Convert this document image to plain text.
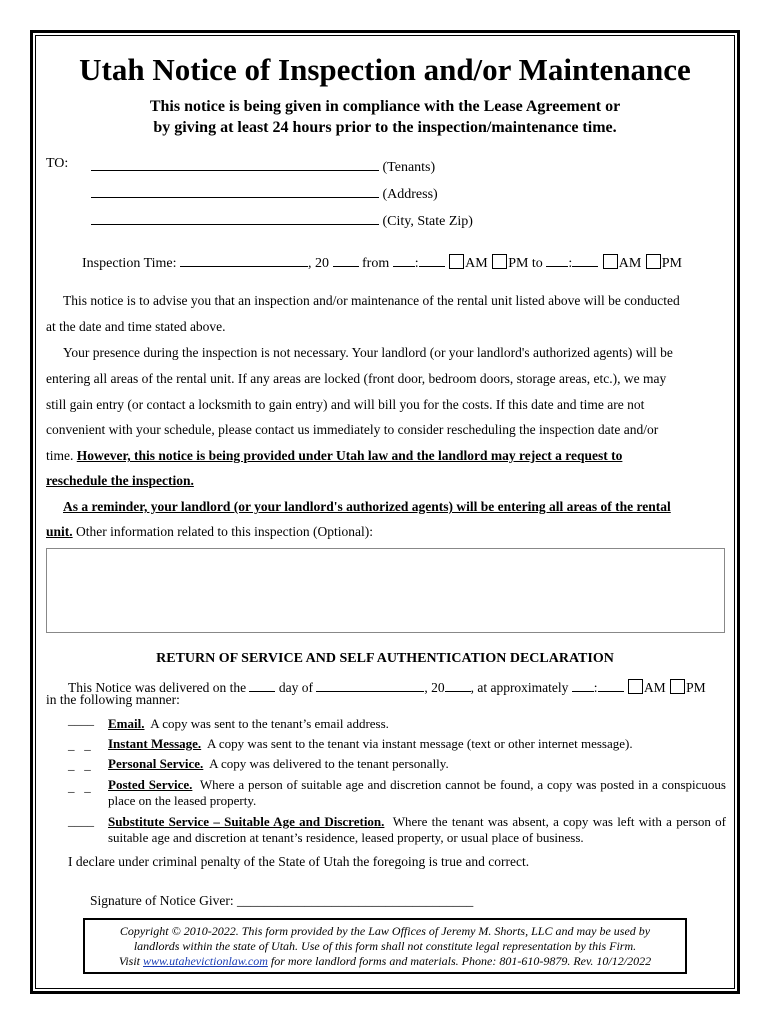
Utah Notice of Inspection and/or Maintenance
This notice is being given in compliance with the Lease Agreement or
by giving at least 24 hours prior to the inspection/maintenance time.
TO:	(Tenants)
(Address)
(City, State Zip)
Inspection Time:	, 20 from :	AM PM to :	AM PM
This notice is to advise you that an inspection and/or maintenance of the rental unit listed above will be conducted
at the date and time stated above.
Your presence during the inspection is not necessary. Your landlord (or your landlord's authorized agents) will be
entering all areas of the rental unit. If any areas are locked (front door, bedroom doors, storage areas, etc.), we may
still gain entry (or contact a locksmith to gain entry) and will bill you for the costs. If this date and time are not
convenient with your schedule, please contact us immediately to consider rescheduling the inspection date and/or
time. However, this notice is being provided under Utah law and the landlord may reject a request to
reschedule the inspection.
As a reminder, your landlord (or your landlord's authorized agents) will be entering all areas of the rental
unit. Other information related to this inspection (Optional):
RETURN OF SERVICE AND SELF AUTHENTICATION DECLARATION
This Notice was delivered on the day of	, 20 , at approximately :	AM PM
in the following manner:
____ Email. A copy was sent to the tenant’s email address.
_   _ Instant Message. A copy was sent to the tenant via instant message (text or other internet message).
_   _ Personal Service. A copy was delivered to the tenant personally.
_   _ Posted Service. Where a person of suitable age and discretion cannot be found, a copy was posted in a conspicuous place on the leased property.
____ Substitute Service – Suitable Age and Discretion. Where the tenant was absent, a copy was left with a person of suitable age and discretion at tenant’s residence, leased property, or usual place of business.
I declare under criminal penalty of the State of Utah the foregoing is true and correct.
Signature of Notice Giver: ___________________________________
Copyright © 2010-2022. This form provided by the Law Offices of Jeremy M. Shorts, LLC and may be used by
landlords within the state of Utah. Use of this form shall not constitute legal representation by this Firm.
Visit www.utahevictionlaw.com for more landlord forms and materials. Phone: 801-610-9879. Rev. 10/12/2022
